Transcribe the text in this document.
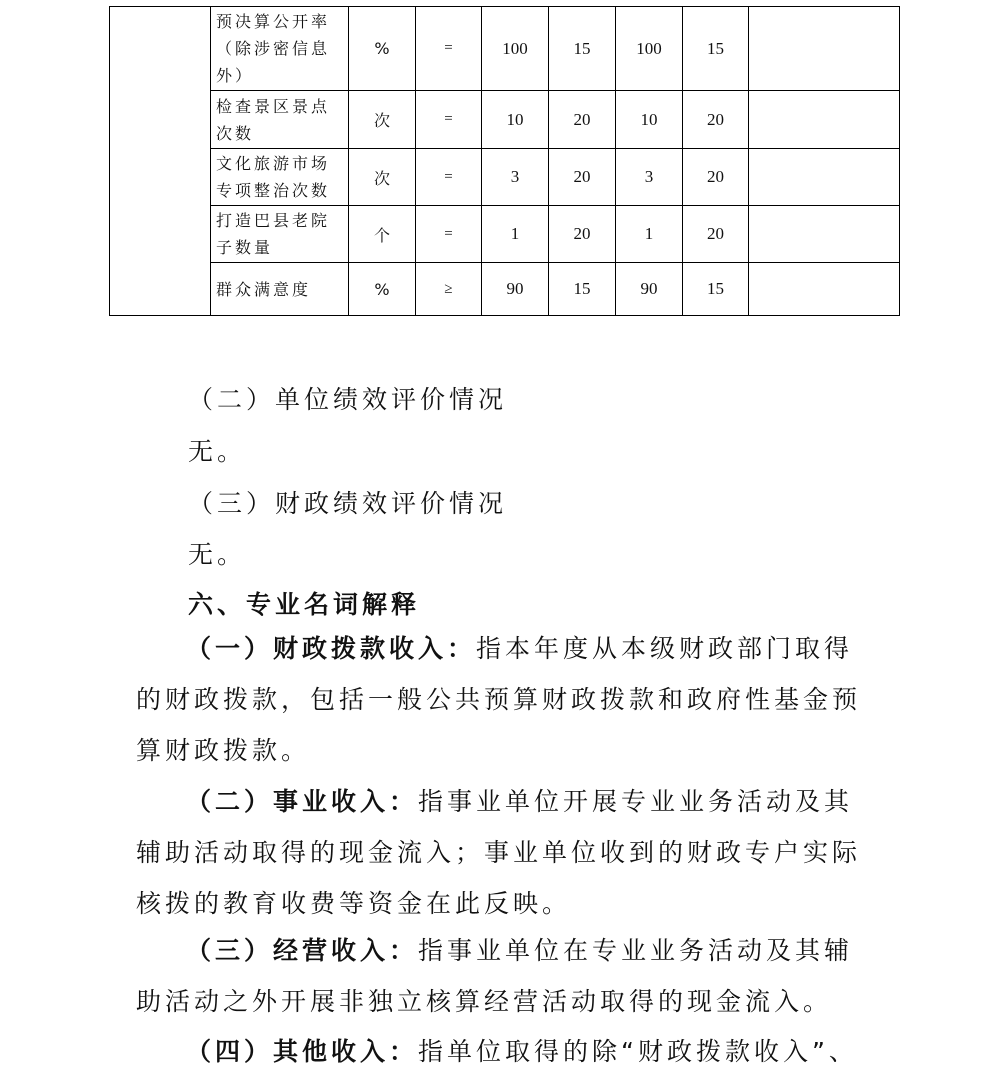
	预决算公开率（除涉密信息外）	%	=	100	15	100	15	
	检查景区景点次数	次	=	10	20	10	20	
	文化旅游市场专项整治次数	次	=	3	20	3	20	
	打造巴县老院子数量	个	=	1	20	1	20	
	群众满意度	%	≥	90	15	90	15	

（二）单位绩效评价情况

无。

（三）财政绩效评价情况

无。

六、专业名词解释

（一）财政拨款收入：指本年度从本级财政部门取得的财政拨款，包括一般公共预算财政拨款和政府性基金预算财政拨款。

（二）事业收入：指事业单位开展专业业务活动及其辅助活动取得的现金流入；事业单位收到的财政专户实际核拨的教育收费等资金在此反映。

（三）经营收入：指事业单位在专业业务活动及其辅助活动之外开展非独立核算经营活动取得的现金流入。

（四）其他收入：指单位取得的除“财政拨款收入”、
